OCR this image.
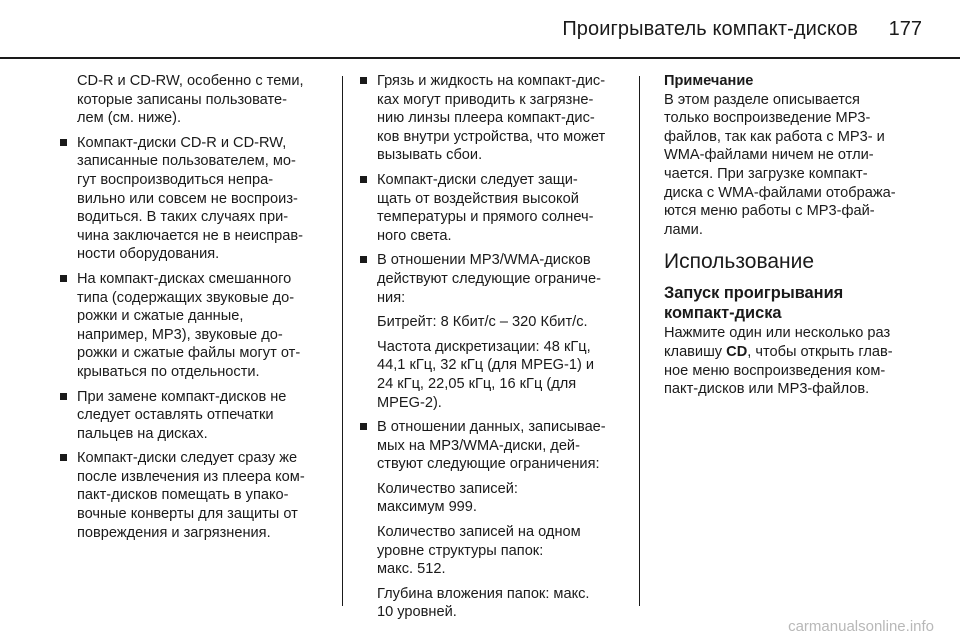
Проигрыватель компакт-дисков 177
CD-R и CD-RW, особенно с теми,
которые записаны пользовате-
лем (см. ниже).
Компакт-диски CD-R и CD-RW,
записанные пользователем, мо-
гут воспроизводиться непра-
вильно или совсем не воспроиз-
водиться. В таких случаях при-
чина заключается не в неисправ-
ности оборудования.
На компакт-дисках смешанного
типа (содержащих звуковые до-
рожки и сжатые данные,
например, MP3), звуковые до-
рожки и сжатые файлы могут от-
крываться по отдельности.
При замене компакт-дисков не
следует оставлять отпечатки
пальцев на дисках.
Компакт-диски следует сразу же
после извлечения из плеера ком-
пакт-дисков помещать в упако-
вочные конверты для защиты от
повреждения и загрязнения.
Грязь и жидкость на компакт-дис-
ках могут приводить к загрязне-
нию линзы плеера компакт-дис-
ков внутри устройства, что может
вызывать сбои.
Компакт-диски следует защи-
щать от воздействия высокой
температуры и прямого солнеч-
ного света.
В отношении MP3/WMA-дисков
действуют следующие ограниче-
ния:
Битрейт: 8 Кбит/с – 320 Кбит/с.
Частота дискретизации: 48 кГц,
44,1 кГц, 32 кГц (для MPEG-1) и
24 кГц, 22,05 кГц, 16 кГц (для
MPEG-2).
В отношении данных, записывае-
мых на MP3/WMA-диски, дей-
ствуют следующие ограничения:
Количество записей:
максимум 999.
Количество записей на одном
уровне структуры папок:
макс. 512.
Глубина вложения папок: макс.
10 уровней.
Примечание
В этом разделе описывается
только воспроизведение MP3-
файлов, так как работа с MP3- и
WMA-файлами ничем не отли-
чается. При загрузке компакт-
диска с WMA-файлами отобража-
ются меню работы с MP3-фай-
лами.
Использование
Запуск проигрывания
компакт-диска
Нажмите один или несколько раз
клавишу CD, чтобы открыть глав-
ное меню воспроизведения ком-
пакт-дисков или MP3-файлов.
carmanualsonline.info
